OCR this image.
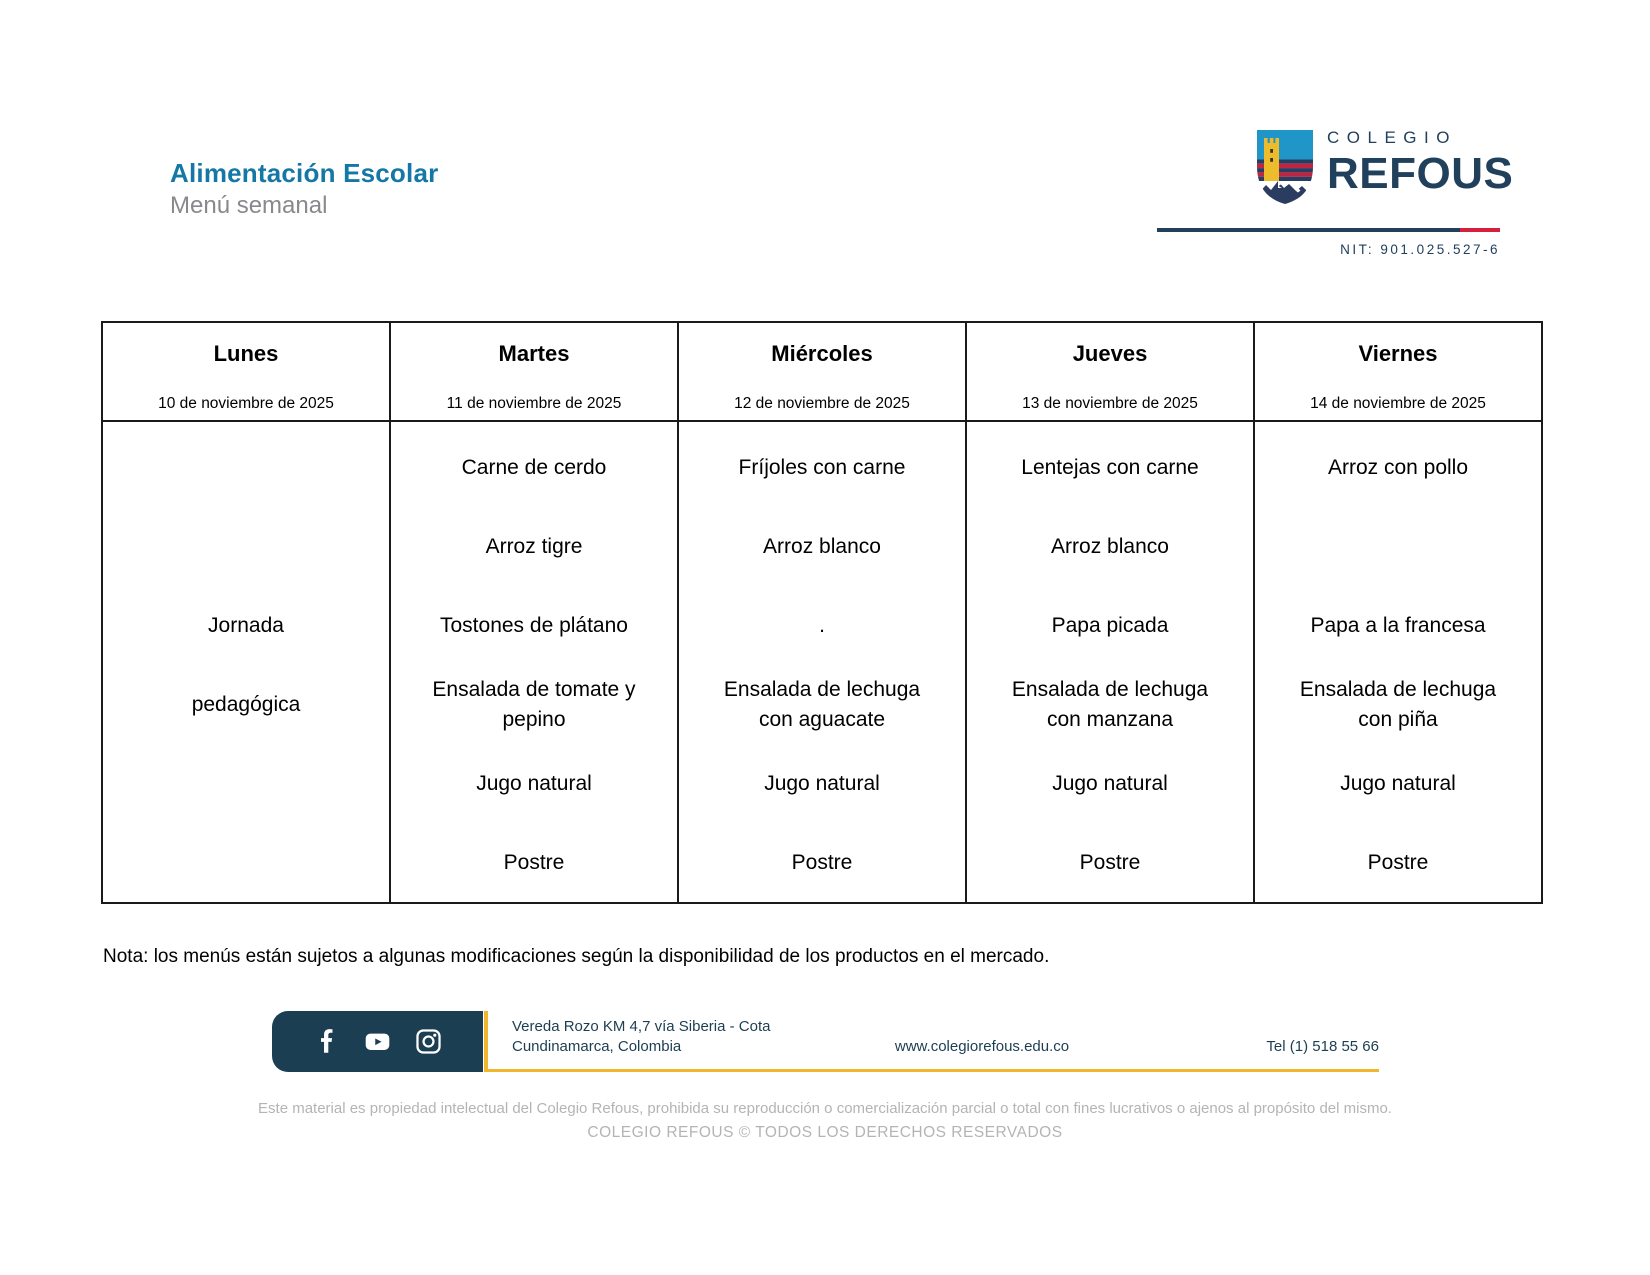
Alimentación Escolar
Menú semanal
COLEGIO
REFOUS
NIT: 901.025.527-6
Lunes
10 de noviembre de 2025
Jornada
pedagógica
Martes
11 de noviembre de 2025
Carne de cerdo
Arroz tigre
Tostones de plátano
Ensalada de tomate y pepino
Jugo natural
Postre
Miércoles
12 de noviembre de 2025
Fríjoles con carne
Arroz blanco
.
Ensalada de lechuga con aguacate
Jugo natural
Postre
Jueves
13 de noviembre de 2025
Lentejas con carne
Arroz blanco
Papa picada
Ensalada de lechuga con manzana
Jugo natural
Postre
Viernes
14 de noviembre de 2025
Arroz con pollo
Papa a la francesa
Ensalada de lechuga con piña
Jugo natural
Postre
Nota: los menús están sujetos a algunas modificaciones según la disponibilidad de los productos en el mercado.
Vereda Rozo KM 4,7 vía Siberia - Cota
Cundinamarca, Colombia	www.colegiorefous.edu.co	Tel (1) 518 55 66
Este material es propiedad intelectual del Colegio Refous, prohibida su reproducción o comercialización parcial o total con fines lucrativos o ajenos al propósito del mismo.
COLEGIO REFOUS © TODOS LOS DERECHOS RESERVADOS
